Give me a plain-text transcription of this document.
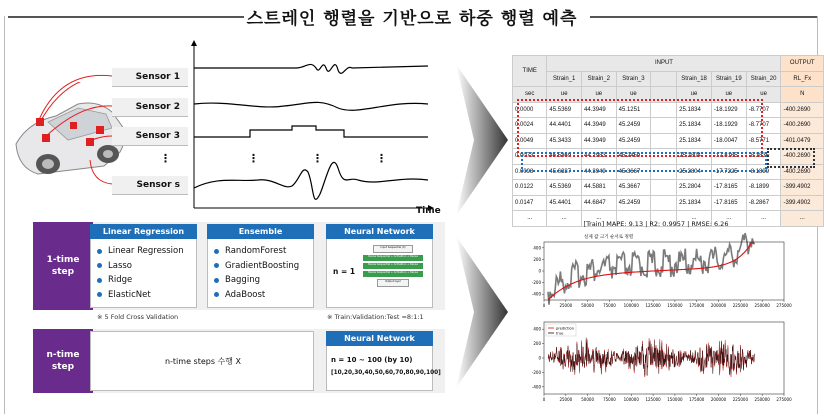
스트레인 행렬을 기반으로 하중 행렬 예측
Sensor 1
Sensor 2
Sensor 3
⋮
Sensor s
⋮	⋮	⋮
Time
1-time
step
n-time
step
Linear Regression
Linear Regression
Lasso
Ridge
ElasticNet
Ensemble
RandomForest
GradientBoosting
Bagging
AdaBoost
Neural Network
n = 1
Input Sequential (X)
Dense Sequential + Activation + Dense
Dense Sequential + Activation + Dense
Dense Sequential + Activation + Dense
Output layer
※ 5 Fold Cross Validation	※ Train:Validation:Test =8:1:1
n-time steps 수행 X
Neural Network
n = 10 ~ 100 (by 10)
[10,20,30,40,50,60,70,80,90,100]
TIME	INPUT							OUTPUT
	Strain_1	Strain_2	Strain_3		Strain_18	Strain_19	Strain_20	RL_Fx
sec	ue	ue	ue		ue	ue	ue	N
0.0000	45.5369	44.3949	45.1251		25.1834	-18.1929	-8.7707	-400.2690
0.0024	44.4401	44.3949	45.2459		25.1834	-18.1929	-8.7707	-400.2690
0.0049	45.3433	44.3949	45.2459		25.1834	-18.0047	-8.5771	-401.0479
0.0073	45.5369	44.2983	45.2459		25.2804	-17.8165	-8.3835	-400.2690
0.0098	45.6337	44.3949	45.3667		25.2804	-17.7225	-8.1899	-400.2690
0.0122	45.5369	44.5881	45.3667		25.2804	-17.8165	-8.1899	-399.4902
0.0147	45.4401	44.6847	45.2459		25.1834	-17.8165	-8.2867	-399.4902
...	...	...			...	...	...	...
[Train] MAPE: 9.13 | R2: 0.9957 | RMSE: 6.26
실제 값 크기 순서로 정렬
0	25000 50000 75000 100000 125000 150000 175000 200000 225000 250000 275000
400
200
0
-200
-400
0	25000 50000 75000 100000 125000 150000 175000 200000 225000 250000 275000
400
200
0
-200
-400
prediction
true
